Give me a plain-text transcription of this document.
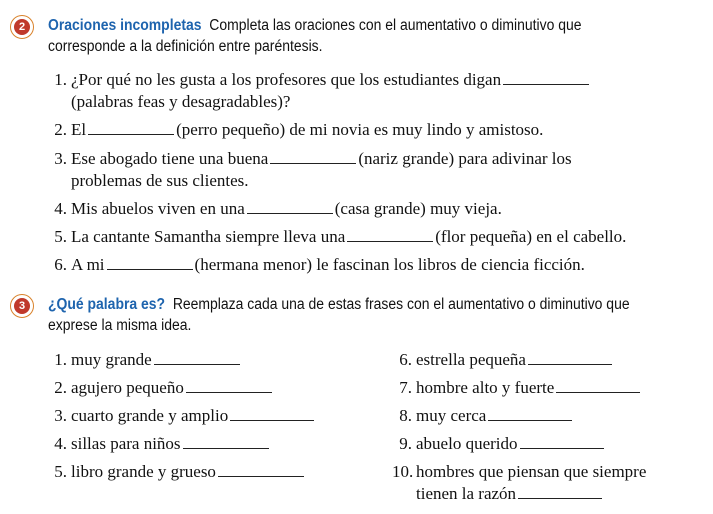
2	Oraciones incompletas Completa las oraciones con el aumentativo o diminutivo que corresponde a la definición entre paréntesis.
1. ¿Por qué no les gusta a los profesores que los estudiantes digan
(palabras feas y desagradables)?
2. El	(perro pequeño) de mi novia es muy lindo y amistoso.
3. Ese abogado tiene una buena	(nariz grande) para adivinar los
problemas de sus clientes.
4. Mis abuelos viven en una	(casa grande) muy vieja.
5. La cantante Samantha siempre lleva una	(flor pequeña) en el cabello.
6. A mi	(hermana menor) le fascinan los libros de ciencia ficción.
3	¿Qué palabra es? Reemplaza cada una de estas frases con el aumentativo o diminutivo que exprese la misma idea.
1. muy grande
2. agujero pequeño
3. cuarto grande y amplio
4. sillas para niños
5. libro grande y grueso
6. estrella pequeña
7. hombre alto y fuerte
8. muy cerca
9. abuelo querido
10. hombres que piensan que siempre
tienen la razón
